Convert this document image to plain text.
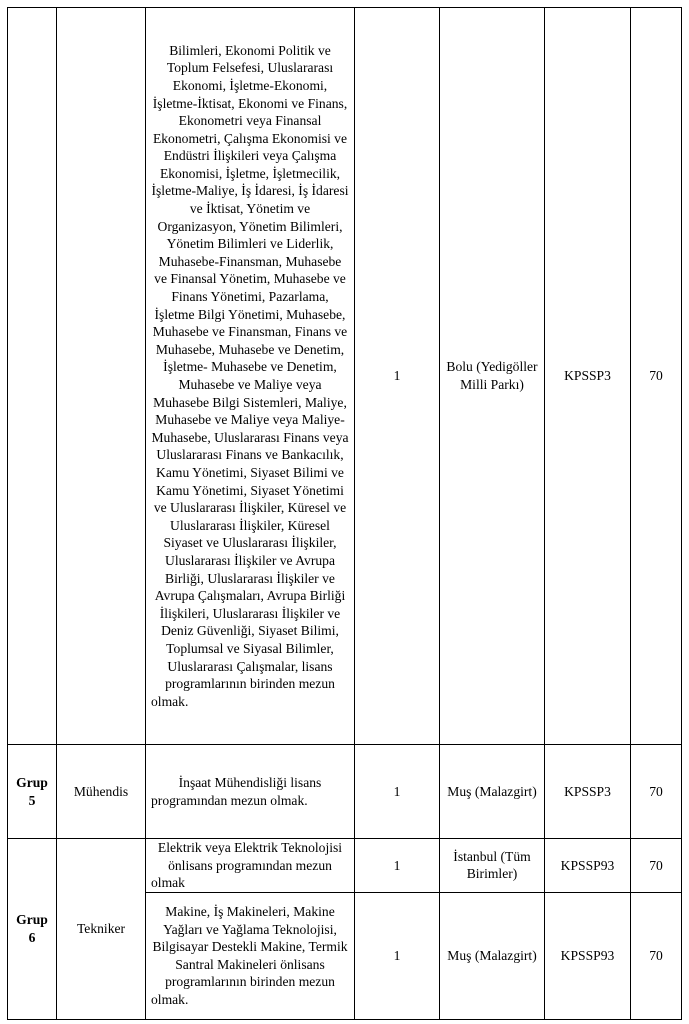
		Bilimleri, Ekonomi Politik ve Toplum Felsefesi, Uluslararası Ekonomi, İşletme-Ekonomi, İşletme-İktisat, Ekonomi ve Finans, Ekonometri veya Finansal Ekonometri, Çalışma Ekonomisi ve Endüstri İlişkileri veya Çalışma Ekonomisi, İşletme, İşletmecilik, İşletme-Maliye, İş İdaresi, İş İdaresi ve İktisat, Yönetim ve Organizasyon, Yönetim Bilimleri, Yönetim Bilimleri ve Liderlik, Muhasebe-Finansman, Muhasebe ve Finansal Yönetim, Muhasebe ve Finans Yönetimi, Pazarlama, İşletme Bilgi Yönetimi, Muhasebe, Muhasebe ve Finansman, Finans ve Muhasebe, Muhasebe ve Denetim, İşletme- Muhasebe ve Denetim, Muhasebe ve Maliye veya Muhasebe Bilgi Sistemleri, Maliye, Muhasebe ve Maliye veya Maliye-Muhasebe, Uluslararası Finans veya Uluslararası Finans ve Bankacılık, Kamu Yönetimi, Siyaset Bilimi ve Kamu Yönetimi, Siyaset Yönetimi ve Uluslararası İlişkiler, Küresel ve Uluslararası İlişkiler, Küresel Siyaset ve Uluslararası İlişkiler, Uluslararası İlişkiler ve Avrupa Birliği, Uluslararası İlişkiler ve Avrupa Çalışmaları, Avrupa Birliği İlişkileri, Uluslararası İlişkiler ve Deniz Güvenliği, Siyaset Bilimi, Toplumsal ve Siyasal Bilimler, Uluslararası Çalışmalar, lisans programlarının birinden mezun olmak.	1	Bolu (Yedigöller Milli Parkı)	KPSSP3	70
Grup 5	Mühendis	İnşaat Mühendisliği lisans programından mezun olmak.	1	Muş (Malazgirt)	KPSSP3	70
Grup 6	Tekniker	Elektrik veya Elektrik Teknolojisi önlisans programından mezun olmak	1	İstanbul (Tüm Birimler)	KPSSP93	70
		Makine, İş Makineleri, Makine Yağları ve Yağlama Teknolojisi, Bilgisayar Destekli Makine, Termik Santral Makineleri önlisans programlarının birinden mezun olmak.	1	Muş (Malazgirt)	KPSSP93	70
